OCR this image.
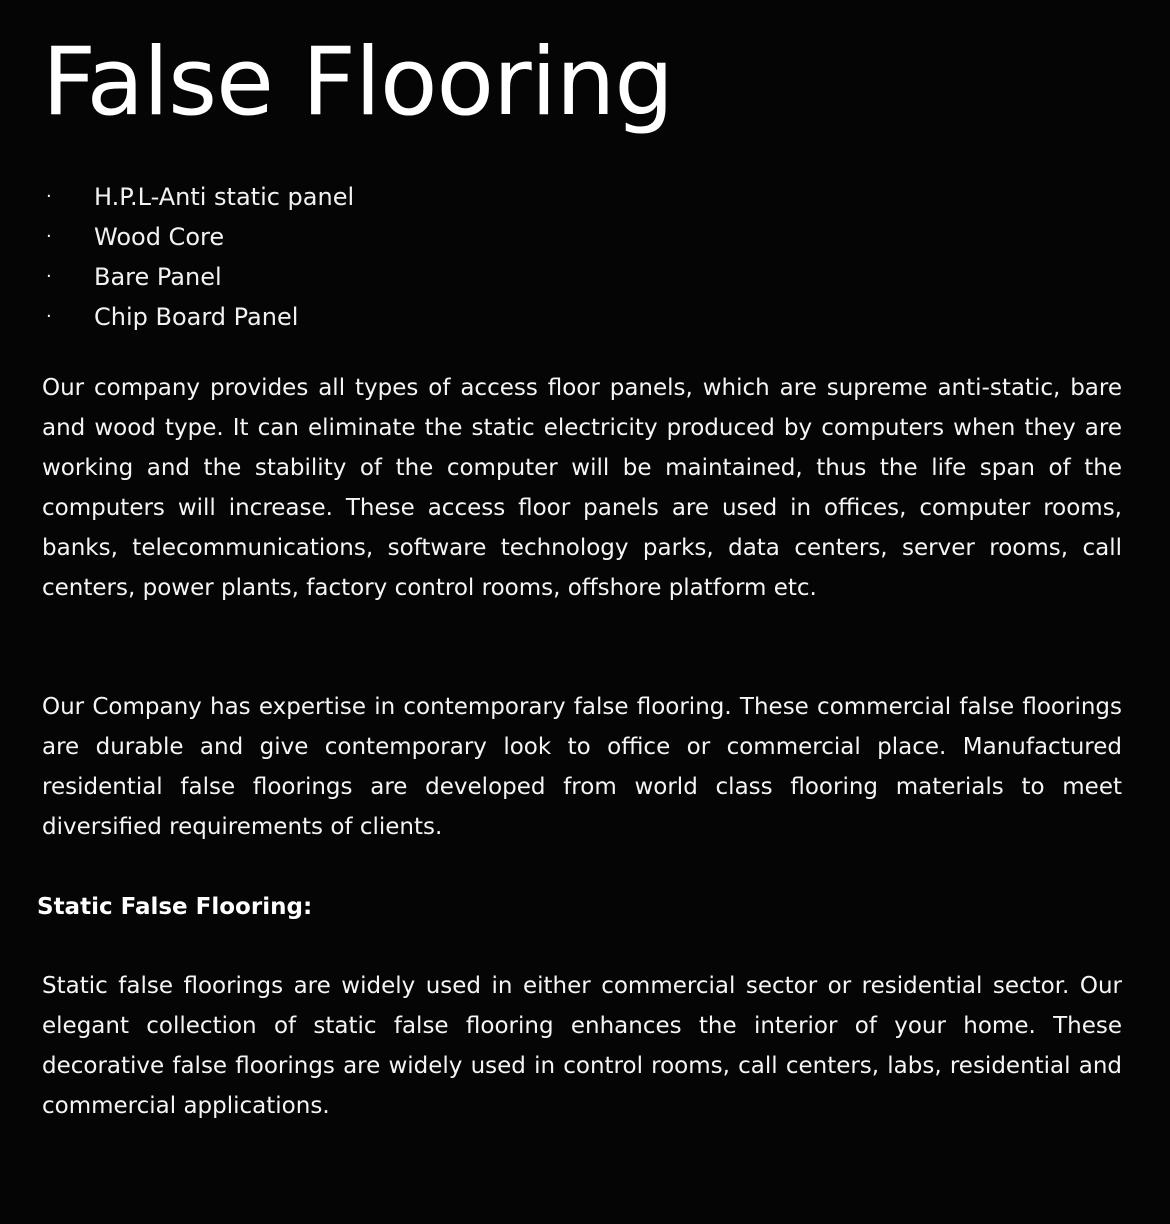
False Flooring
·	H.P.L-Anti static panel
·	Wood Core
·	Bare Panel
·	Chip Board Panel

Our company provides all types of access floor panels, which are supreme anti-static, bare and wood type. It can eliminate the static electricity produced by computers when they are working and the stability of the computer will be maintained, thus the life span of the computers will increase. These access floor panels are used in offices, computer rooms, banks, telecommunications, software technology parks, data centers, server rooms, call centers, power plants, factory control rooms, offshore platform etc.

Our Company has expertise in contemporary false flooring. These commercial false floorings are durable and give contemporary look to office or commercial place. Manufactured residential false floorings are developed from world class flooring materials to meet diversified requirements of clients.

Static False Flooring:

Static false floorings are widely used in either commercial sector or residential sector. Our elegant collection of static false flooring enhances the interior of your home. These decorative false floorings are widely used in control rooms, call centers, labs, residential and commercial applications.
